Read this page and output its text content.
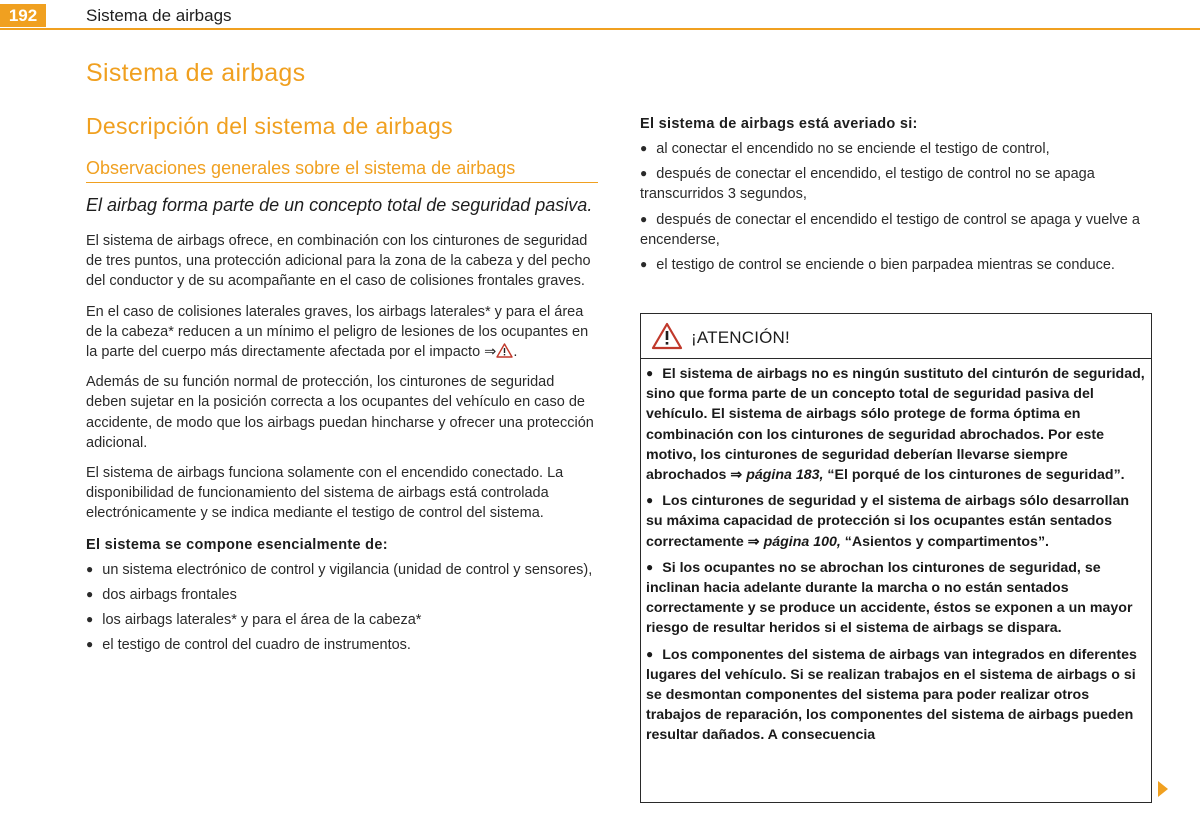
192	Sistema de airbags
Sistema de airbags
Descripción del sistema de airbags
Observaciones generales sobre el sistema de airbags
El airbag forma parte de un concepto total de seguridad pasiva.

El sistema de airbags ofrece, en combinación con los cinturones de seguridad de tres puntos, una protección adicional para la zona de la cabeza y del pecho del conductor y de su acompañante en el caso de colisiones frontales graves.

En el caso de colisiones laterales graves, los airbags laterales* y para el área de la cabeza* reducen a un mínimo el peligro de lesiones de los ocupantes en la parte del cuerpo más directamente afectada por el impacto ⇒ .

Además de su función normal de protección, los cinturones de seguridad deben sujetar en la posición correcta a los ocupantes del vehículo en caso de accidente, de modo que los airbags puedan hincharse y ofrecer una protección adicional.

El sistema de airbags funciona solamente con el encendido conectado. La disponibilidad de funcionamiento del sistema de airbags está controlada electrónicamente y se indica mediante el testigo de control del sistema.

El sistema se compone esencialmente de:
● un sistema electrónico de control y vigilancia (unidad de control y sensores),
● dos airbags frontales
● los airbags laterales* y para el área de la cabeza*
● el testigo de control del cuadro de instrumentos.
El sistema de airbags está averiado si:
● al conectar el encendido no se enciende el testigo de control,
● después de conectar el encendido, el testigo de control no se apaga transcurridos 3 segundos,
● después de conectar el encendido el testigo de control se apaga y vuelve a encenderse,
● el testigo de control se enciende o bien parpadea mientras se conduce.
¡ATENCIÓN!
● El sistema de airbags no es ningún sustituto del cinturón de seguridad, sino que forma parte de un concepto total de seguridad pasiva del vehículo. El sistema de airbags sólo protege de forma óptima en combinación con los cinturones de seguridad abrochados. Por este motivo, los cinturones de seguridad deberían llevarse siempre abrochados ⇒ página 183, “El porqué de los cinturones de seguridad”.
● Los cinturones de seguridad y el sistema de airbags sólo desarrollan su máxima capacidad de protección si los ocupantes están sentados correctamente ⇒ página 100, “Asientos y compartimentos”.
● Si los ocupantes no se abrochan los cinturones de seguridad, se inclinan hacia adelante durante la marcha o no están sentados correctamente y se produce un accidente, éstos se exponen a un mayor riesgo de resultar heridos si el sistema de airbags se dispara.
● Los componentes del sistema de airbags van integrados en diferentes lugares del vehículo. Si se realizan trabajos en el sistema de airbags o si se desmontan componentes del sistema para poder realizar otros trabajos de reparación, los componentes del sistema de airbags pueden resultar dañados. A consecuencia
